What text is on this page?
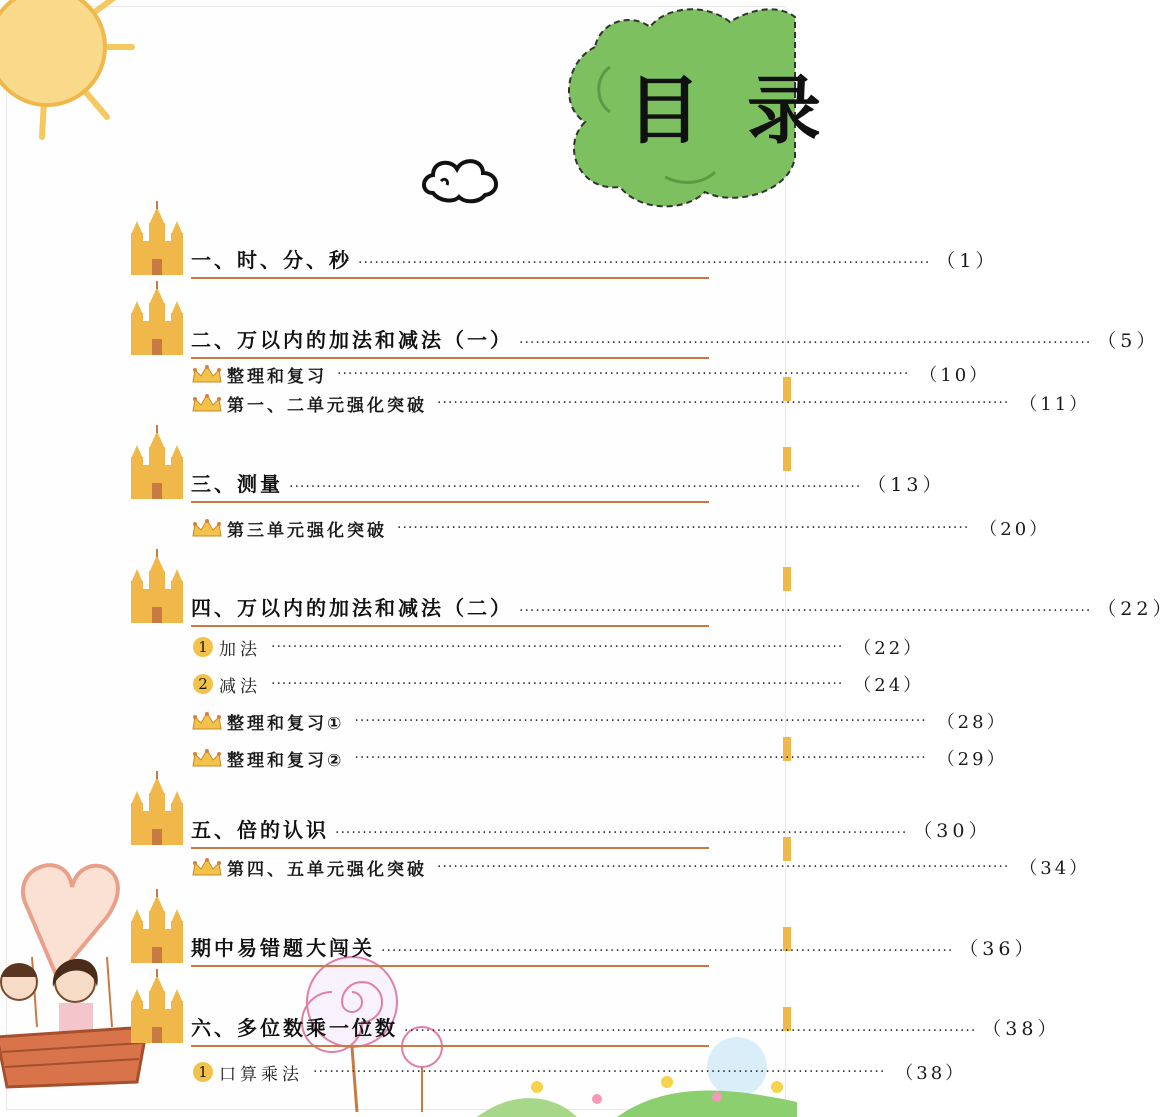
目 录
一、时、分、秒 ·····	（1）
二、万以内的加法和减法（一） ·····	（5）
整理和复习 ·····	（10）
第一、二单元强化突破 ·····	（11）
三、测量 ·····	（13）
第三单元强化突破 ·····	（20）
四、万以内的加法和减法（二） ·····	（22）
1 加法 ·····	（22）
2 减法 ·····	（24）
整理和复习① ·····	（28）
整理和复习② ·····	（29）
五、倍的认识 ·····	（30）
第四、五单元强化突破 ·····	（34）
期中易错题大闯关 ·····	（36）
六、多位数乘一位数 ·····	（38）
1 口算乘法 ·····	（38）
